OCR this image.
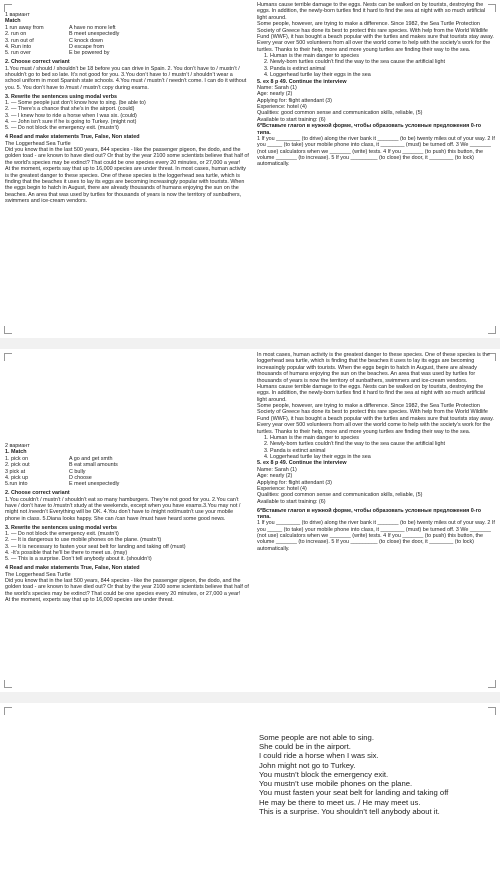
1 вариант

Match

1 run away from	A have no more left
2. run on	B meet unexpectedly
3. run out of	C knock down
4. Run into	D escape from
5. run over	E be powered by

2. Choose correct variant

1.You must / should / shouldn’t be 18 before you can drive in Spain. 2. You don’t have to / mustn’t / shouldn’t go to bed so late. It’s not good for you. 3.You don’t have to / mustn’t / shouldn’t wear a school uniform in most Spanish state schools. 4.You must / mustn’t / needn’t come. I can do it without you. 5. You don’t have to /must / mustn’t copy during exams.

3. Rewrite the sentences using modal verbs

1. — Some people just don’t know how to sing. (be able to)

2. — There’s a chance that she’s in the airport. (could)

3. — I knew how to ride a horse when I was six. (could)

4. — John isn’t sure if he is going to Turkey. (might not)

5. — Do not block the emergency exit. (mustn’t)

4 Read and make statements True, False, Non stated

The Loggerhead Sea Turtle

Did you know that in the last 500 years, 844 species - like the passenger pigeon, the dodo, and the golden toad - are known to have died out? Or that by the year 2100 some scientists believe that half of the world’s species may be extinct? That could be one species every 20 minutes, or 27,000 a year!

At the moment, experts say that up to 16,000 species are under threat. In most cases, human activity is the greatest danger to these species. One of these species is the loggerhead sea turtle, which is finding that the beaches it uses to lay its eggs are becoming increasingly popular with tourists. When the eggs begin to hatch in August, there are already thousands of humans enjoying the sun on the beaches. An area that was used by turtles for thousands of years is now the territory of sunbathers, swimmers and ice-cream vendors.

Humans cause terrible damage to the eggs. Nests can be walked on by tourists, destroying the eggs. In addition, the newly-born turtles find it hard to find the sea at night with so much artificial light around.

Some people, however, are trying to make a difference. Since 1982, the Sea Turtle Protection Society of Greece has done its best to protect this rare species. With help from the World Wildlife Fund (WWF), it has bought a beach popular with the turtles and makes sure that tourists stay away. Every year over 500 volunteers from all over the world come to help with the society’s work for the turtles. Thanks to their help, more and more young turtles are finding their way to the sea.

1. Human is the main danger to species
2. Newly-born turtles couldn’t find the way to the sea cause the artificial light
3. Panda is extinct animal
4. Loggerhead turtle lay their eggs in the sea

5. ex 8 p 49. Continue the interview

Name: Sarah (1)

Age: nearly (2)

Applying for: flight attendant (3)

Experience: hotel (4)

Qualities: good common sense and communication skills, reliable, (5)

Available to start training: (6)

6*Вставьте глагол в нужной форме, чтобы образовать условные предложения 0-го типа.

1 If you ________ (to drive) along the river bank it _______ (to be) twenty miles out of your way. 2 If you _____ (to take) your mobile phone into class, it ________ (must) be turned off. 3 We _______ (not use) calculators when we _______ (write) tests. 4 If you _______ (to push) this button, the volume _______ (to increase). 5 If you _________ (to close) the door, it ________ (to lock) automatically.

2 вариант

1. Match

1. pick on	A go and get smth
2. pick out	B eat small amounts
3 pick at	C bully
4. pick up	D choose
5.run into	E meet unexpectedly

2. Choose correct variant

1.You couldn’t / mustn’t / shouldn’t eat so many hamburgers. They’re not good for you. 2.You can’t have / don’t have to /mustn’t study at the weekends, except when you have exams.3.You may not / might not /needn’t Everything will be OK. 4.You don’t have to /might not/mustn’t use your mobile phone in class. 5.Diana looks happy. She can /can have /must have heard some good news.

3. Rewrite the sentences using modal verbs

1. — Do not block the emergency exit. (mustn’t)

2. — It is dangerous to use mobile phones on the plane. (mustn’t)

3. — It is necessary to fasten your seat belt for landing and taking off (must)

4. -It’s possible that he’ll be there to meet us. (may)

5. — This is a surprise. Don’t tell anybody about it. (shouldn’t)

4 Read and make statements True, False, Non stated

The Loggerhead Sea Turtle

Did you know that in the last 500 years, 844 species - like the passenger pigeon, the dodo, and the golden toad - are known to have died out? Or that by the year 2100 some scientists believe that half of the world’s species may be extinct? That could be one species every 20 minutes, or 27,000 a year!

At the moment, experts say that up to 16,000 species are under threat.

In most cases, human activity is the greatest danger to these species. One of these species is the loggerhead sea turtle, which is finding that the beaches it uses to lay its eggs are becoming increasingly popular with tourists. When the eggs begin to hatch in August, there are already thousands of humans enjoying the sun on the beaches. An area that was used by turtles for thousands of years is now the territory of sunbathers, swimmers and ice-cream vendors.

Humans cause terrible damage to the eggs. Nests can be walked on by tourists, destroying the eggs. In addition, the newly-born turtles find it hard to find the sea at night with so much artificial light around.

Some people, however, are trying to make a difference. Since 1982, the Sea Turtle Protection Society of Greece has done its best to protect this rare species. With help from the World Wildlife Fund (WWF), it has bought a beach popular with the turtles and makes sure that tourists stay away. Every year over 500 volunteers from all over the world come to help with the society’s work for the turtles. Thanks to their help, more and more young turtles are finding their way to the sea.

1. Human is the main danger to species
2. Newly-born turtles couldn’t find the way to the sea cause the artificial light
3. Panda is extinct animal
4. Loggerhead turtle lay their eggs in the sea

5. ex 8 p 49. Continue the interview

Name: Sarah (1)

Age: nearly (2)

Applying for: flight attendant (3)

Experience: hotel (4)

Qualities: good common sense and communication skills, reliable, (5)

Available to start training: (6)

6*Вставьте глагол в нужной форме, чтобы образовать условные предложения 0-го типа.

1 If you ________ (to drive) along the river bank it _______ (to be) twenty miles out of your way. 2 If you _____ (to take) your mobile phone into class, it ________ (must) be turned off. 3 We _______ (not use) calculators when we _______ (write) tests. 4 If you _______ (to push) this button, the volume _______ (to increase). 5 If you _________ (to close) the door, it ________ (to lock) automatically.

Some people are not able to sing.

She could be in the airport.

I could ride a horse when I was six.

John might not go to Turkey.

You mustn’t block the emergency exit.

You mustn’t use mobile phones on the plane.

You must fasten your seat belt for landing and taking off

He may be there to meet us. / He may meet us.

This is a surprise. You shouldn’t tell anybody about it.
